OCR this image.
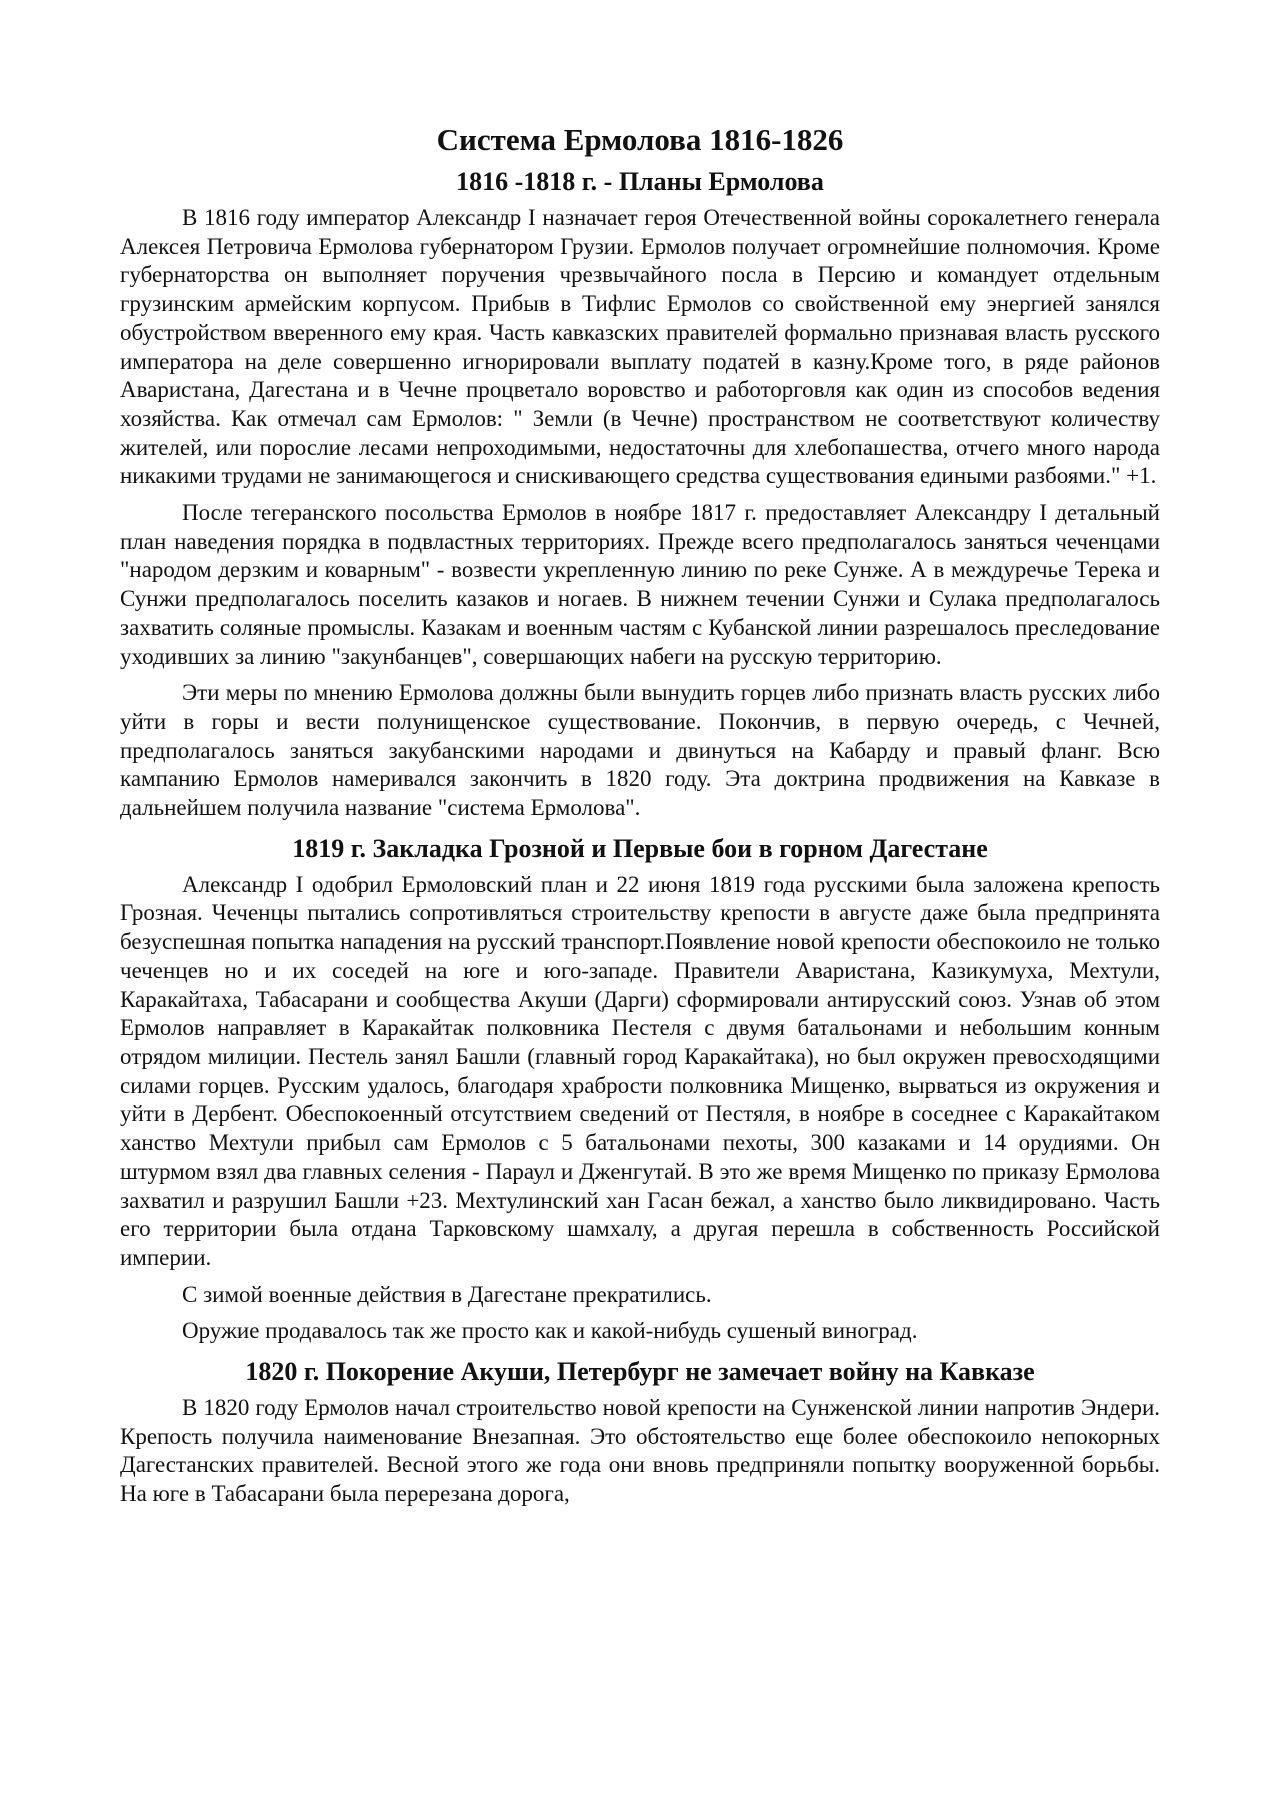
Система Ермолова 1816-1826
1816 -1818 г. - Планы Ермолова

В 1816 году император Александр I назначает героя Отечественной войны сорокалетнего генерала Алексея Петровича Ермолова губернатором Грузии. Ермолов получает огромнейшие полномочия. Кроме губернаторства он выполняет поручения чрезвычайного посла в Персию и командует отдельным грузинским армейским корпусом. Прибыв в Тифлис Ермолов со свойственной ему энергией занялся обустройством вверенного ему края. Часть кавказских правителей формально признавая власть русского императора на деле совершенно игнорировали выплату податей в казну.Кроме того, в ряде районов Аваристана, Дагестана и в Чечне процветало воровство и работорговля как один из способов ведения хозяйства. Как отмечал сам Ермолов: " Земли (в Чечне) пространством не соответствуют количеству жителей, или порослие лесами непроходимыми, недостаточны для хлебопашества, отчего много народа никакими трудами не занимающегося и снискивающего средства существования едиными разбоями." +1.

После тегеранского посольства Ермолов в ноябре 1817 г. предоставляет Александру I детальный план наведения порядка в подвластных территориях. Прежде всего предполагалось заняться чеченцами "народом дерзким и коварным" - возвести укрепленную линию по реке Сунже. А в междуречье Терека и Сунжи предполагалось поселить казаков и ногаев. В нижнем течении Сунжи и Сулака предполагалось захватить соляные промыслы. Казакам и военным частям с Кубанской линии разрешалось преследование уходивших за линию "закунбанцев", совершающих набеги на русскую территорию.

Эти меры по мнению Ермолова должны были вынудить горцев либо признать власть русских либо уйти в горы и вести полунищенское существование. Покончив, в первую очередь, с Чечней, предполагалось заняться закубанскими народами и двинуться на Кабарду и правый фланг. Всю кампанию Ермолов намеривался закончить в 1820 году. Эта доктрина продвижения на Кавказе в дальнейшем получила название "система Ермолова".

1819 г. Закладка Грозной и Первые бои в горном Дагестане

Александр I одобрил Ермоловский план и 22 июня 1819 года русскими была заложена крепость Грозная. Чеченцы пытались сопротивляться строительству крепости в августе даже была предпринята безуспешная попытка нападения на русский транспорт.Появление новой крепости обеспокоило не только чеченцев но и их соседей на юге и юго-западе. Правители Аваристана, Казикумуха, Мехтули, Каракайтаха, Табасарани и сообщества Акуши (Дарги) сформировали антирусский союз. Узнав об этом Ермолов направляет в Каракайтак полковника Пестеля с двумя батальонами и небольшим конным отрядом милиции. Пестель занял Башли (главный город Каракайтака), но был окружен превосходящими силами горцев. Русским удалось, благодаря храбрости полковника Мищенко, вырваться из окружения и уйти в Дербент. Обеспокоенный отсутствием сведений от Пестяля, в ноябре в соседнее с Каракайтаком ханство Мехтули прибыл сам Ермолов с 5 батальонами пехоты, 300 казаками и 14 орудиями. Он штурмом взял два главных селения - Параул и Дженгутай. В это же время Мищенко по приказу Ермолова захватил и разрушил Башли +23. Мехтулинский хан Гасан бежал, а ханство было ликвидировано. Часть его территории была отдана Тарковскому шамхалу, а другая перешла в собственность Российской империи.

С зимой военные действия в Дагестане прекратились.

Оружие продавалось так же просто как и какой-нибудь сушеный виноград.

1820 г. Покорение Акуши, Петербург не замечает войну на Кавказе

В 1820 году Ермолов начал строительство новой крепости на Сунженской линии напротив Эндери. Крепость получила наименование Внезапная. Это обстоятельство еще более обеспокоило непокорных Дагестанских правителей. Весной этого же года они вновь предприняли попытку вооруженной борьбы. На юге в Табасарани была перерезана дорога,
